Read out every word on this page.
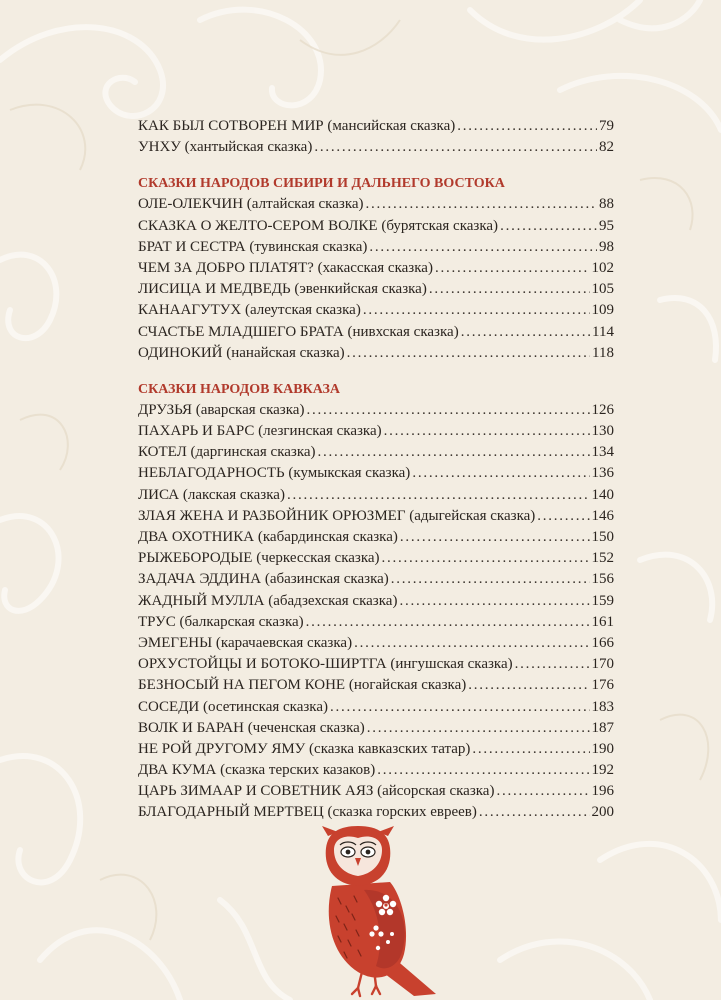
КАК БЫЛ СОТВОРЕН МИР (мансийская сказка) . . .	79
УНХУ (хантыйская сказка) . . .	82
СКАЗКИ НАРОДОВ СИБИРИ И ДАЛЬНЕГО ВОСТОКА
ОЛЕ-ОЛЕКЧИН (алтайская сказка) . . .	88
СКАЗКА О ЖЕЛТО-СЕРОМ ВОЛКЕ (бурятская сказка) . . .	95
БРАТ И СЕСТРА (тувинская сказка) . . .	98
ЧЕМ ЗА ДОБРО ПЛАТЯТ? (хакасская сказка) . . .	102
ЛИСИЦА И МЕДВЕДЬ (эвенкийская сказка) . . .	105
КАНААГУТУХ (алеутская сказка) . . .	109
СЧАСТЬЕ МЛАДШЕГО БРАТА (нивхская сказка) . . .	114
ОДИНОКИЙ (нанайская сказка) . . .	118
СКАЗКИ НАРОДОВ КАВКАЗА
ДРУЗЬЯ (аварская сказка) . . .	126
ПАХАРЬ И БАРС (лезгинская сказка) . . .	130
КОТЕЛ (даргинская сказка) . . .	134
НЕБЛАГОДАРНОСТЬ (кумыкская сказка) . . .	136
ЛИСА (лакская сказка) . . .	140
ЗЛАЯ ЖЕНА И РАЗБОЙНИК ОРЮЗМЕГ (адыгейская сказка) . . .	146
ДВА ОХОТНИКА (кабардинская сказка) . . .	150
РЫЖЕБОРОДЫЕ (черкесская сказка) . . .	152
ЗАДАЧА ЭДДИНА (абазинская сказка) . . .	156
ЖАДНЫЙ МУЛЛА (абадзехская сказка) . . .	159
ТРУС (балкарская сказка) . . .	161
ЭМЕГЕНЫ (карачаевская сказка) . . .	166
ОРХУСТОЙЦЫ И БОТОКО-ШИРТГА (ингушская сказка) . . .	170
БЕЗНОСЫЙ НА ПЕГОМ КОНЕ (ногайская сказка) . . .	176
СОСЕДИ (осетинская сказка) . . .	183
ВОЛК И БАРАН (чеченская сказка) . . .	187
НЕ РОЙ ДРУГОМУ ЯМУ (сказка кавказских татар) . . .	190
ДВА КУМА (сказка терских казаков) . . .	192
ЦАРЬ ЗИМААР И СОВЕТНИК АЯЗ (айсорская сказка) . . .	196
БЛАГОДАРНЫЙ МЕРТВЕЦ (сказка горских евреев) . . .	200
